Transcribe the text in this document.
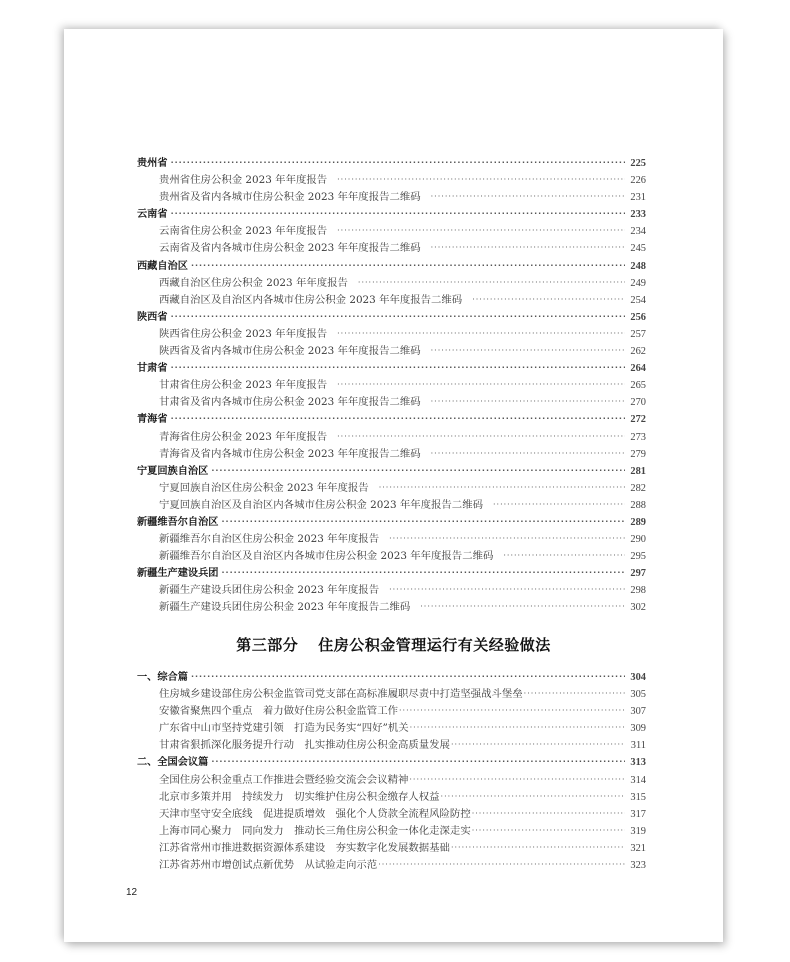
贵州省 ·····	225
贵州省住房公积金 2023 年年度报告 ·····	226
贵州省及省内各城市住房公积金 2023 年年度报告二维码 ·····	231
云南省 ·····	233
云南省住房公积金 2023 年年度报告 ·····	234
云南省及省内各城市住房公积金 2023 年年度报告二维码 ·····	245
西藏自治区 ·····	248
西藏自治区住房公积金 2023 年年度报告 ·····	249
西藏自治区及自治区内各城市住房公积金 2023 年年度报告二维码 ·····	254
陕西省 ·····	256
陕西省住房公积金 2023 年年度报告 ·····	257
陕西省及省内各城市住房公积金 2023 年年度报告二维码 ·····	262
甘肃省 ·····	264
甘肃省住房公积金 2023 年年度报告 ·····	265
甘肃省及省内各城市住房公积金 2023 年年度报告二维码 ·····	270
青海省 ·····	272
青海省住房公积金 2023 年年度报告 ·····	273
青海省及省内各城市住房公积金 2023 年年度报告二维码 ·····	279
宁夏回族自治区 ·····	281
宁夏回族自治区住房公积金 2023 年年度报告 ·····	282
宁夏回族自治区及自治区内各城市住房公积金 2023 年年度报告二维码 ·····	288
新疆维吾尔自治区 ·····	289
新疆维吾尔自治区住房公积金 2023 年年度报告 ·····	290
新疆维吾尔自治区及自治区内各城市住房公积金 2023 年年度报告二维码 ·····	295
新疆生产建设兵团 ·····	297
新疆生产建设兵团住房公积金 2023 年年度报告 ·····	298
新疆生产建设兵团住房公积金 2023 年年度报告二维码 ·····	302
第三部分 住房公积金管理运行有关经验做法
一、综合篇 ·····	304
住房城乡建设部住房公积金监管司党支部在高标准履职尽责中打造坚强战斗堡垒 ·····	305
安徽省聚焦四个重点　着力做好住房公积金监管工作 ·····	307
广东省中山市坚持党建引领　打造为民务实“四好”机关 ·····	309
甘肃省狠抓深化服务提升行动　扎实推动住房公积金高质量发展 ·····	311
二、全国会议篇 ·····	313
全国住房公积金重点工作推进会暨经验交流会会议精神 ·····	314
北京市多策并用　持续发力　切实维护住房公积金缴存人权益 ·····	315
天津市坚守安全底线　促进提质增效　强化个人贷款全流程风险防控 ·····	317
上海市同心聚力　同向发力　推动长三角住房公积金一体化走深走实 ·····	319
江苏省常州市推进数据资源体系建设　夯实数字化发展数据基础 ·····	321
江苏省苏州市增创试点新优势　从试验走向示范 ·····	323
12
